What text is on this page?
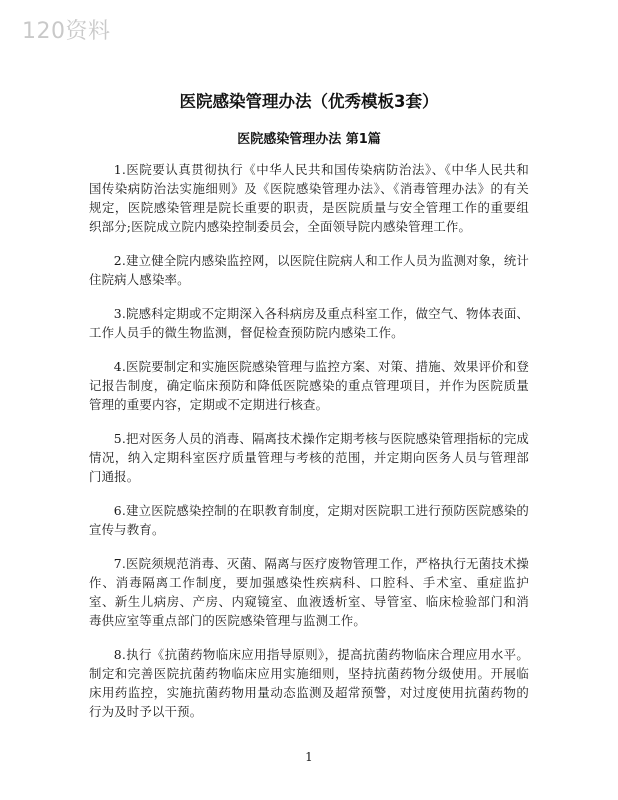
120资料
医院感染管理办法（优秀模板3套）
医院感染管理办法 第1篇

1.医院要认真贯彻执行《中华人民共和国传染病防治法》、《中华人民共和国传染病防治法实施细则》及《医院感染管理办法》、《消毒管理办法》的有关规定，医院感染管理是院长重要的职责，是医院质量与安全管理工作的重要组织部分;医院成立院内感染控制委员会，全面领导院内感染管理工作。

2.建立健全院内感染监控网，以医院住院病人和工作人员为监测对象，统计住院病人感染率。

3.院感科定期或不定期深入各科病房及重点科室工作，做空气、物体表面、工作人员手的微生物监测，督促检查预防院内感染工作。

4.医院要制定和实施医院感染管理与监控方案、对策、措施、效果评价和登记报告制度，确定临床预防和降低医院感染的重点管理项目，并作为医院质量管理的重要内容，定期或不定期进行核查。

5.把对医务人员的消毒、隔离技术操作定期考核与医院感染管理指标的完成情况，纳入定期科室医疗质量管理与考核的范围，并定期向医务人员与管理部门通报。

6.建立医院感染控制的在职教育制度，定期对医院职工进行预防医院感染的宣传与教育。

7.医院须规范消毒、灭菌、隔离与医疗废物管理工作，严格执行无菌技术操作、消毒隔离工作制度，要加强感染性疾病科、口腔科、手术室、重症监护室、新生儿病房、产房、内窥镜室、血液透析室、导管室、临床检验部门和消毒供应室等重点部门的医院感染管理与监测工作。

8.执行《抗菌药物临床应用指导原则》，提高抗菌药物临床合理应用水平。制定和完善医院抗菌药物临床应用实施细则，坚持抗菌药物分级使用。开展临床用药监控，实施抗菌药物用量动态监测及超常预警，对过度使用抗菌药物的行为及时予以干预。

1
